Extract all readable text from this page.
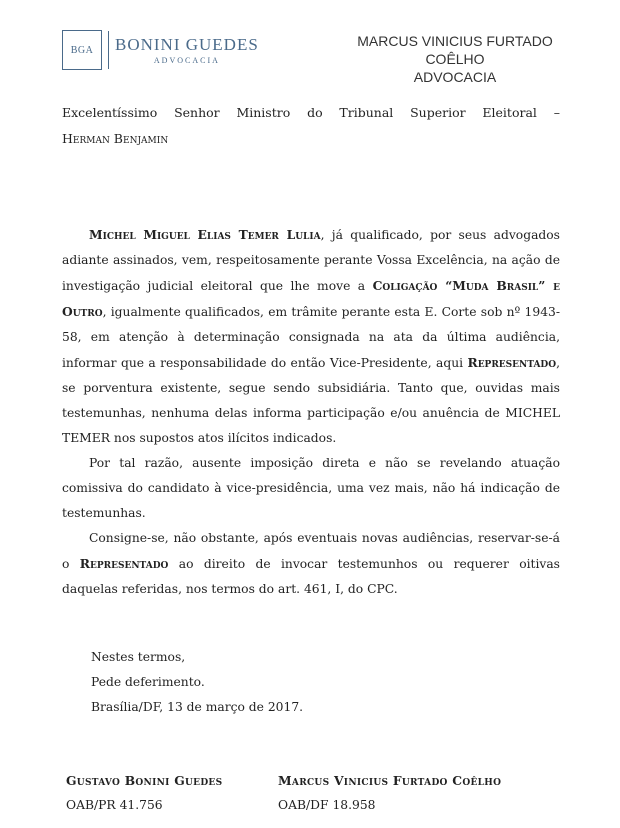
BGA	BONINI GUEDES
ADVOCACIA
MARCUS VINICIUS FURTADO COÊLHO
ADVOCACIA
Excelentíssimo Senhor Ministro do Tribunal Superior Eleitoral –
Herman Benjamin

Michel Miguel Elias Temer Lulia, já qualificado, por seus advogados adiante assinados, vem, respeitosamente perante Vossa Excelência, na ação de investigação judicial eleitoral que lhe move a Coligação “Muda Brasil” e Outro, igualmente qualificados, em trâmite perante esta E. Corte sob nº 1943-58, em atenção à determinação consignada na ata da última audiência, informar que a responsabilidade do então Vice-Presidente, aqui Representado, se porventura existente, segue sendo subsidiária. Tanto que, ouvidas mais testemunhas, nenhuma delas informa participação e/ou anuência de MICHEL TEMER nos supostos atos ilícitos indicados.

Por tal razão, ausente imposição direta e não se revelando atuação comissiva do candidato à vice-presidência, uma vez mais, não há indicação de testemunhas.

Consigne-se, não obstante, após eventuais novas audiências, reservar-se-á o Representado ao direito de invocar testemunhos ou requerer oitivas daquelas referidas, nos termos do art. 461, I, do CPC.

Nestes termos,
Pede deferimento.
Brasília/DF, 13 de março de 2017.
Gustavo Bonini Guedes
OAB/PR 41.756
Marcus Vinicius Furtado Coêlho
OAB/DF 18.958
